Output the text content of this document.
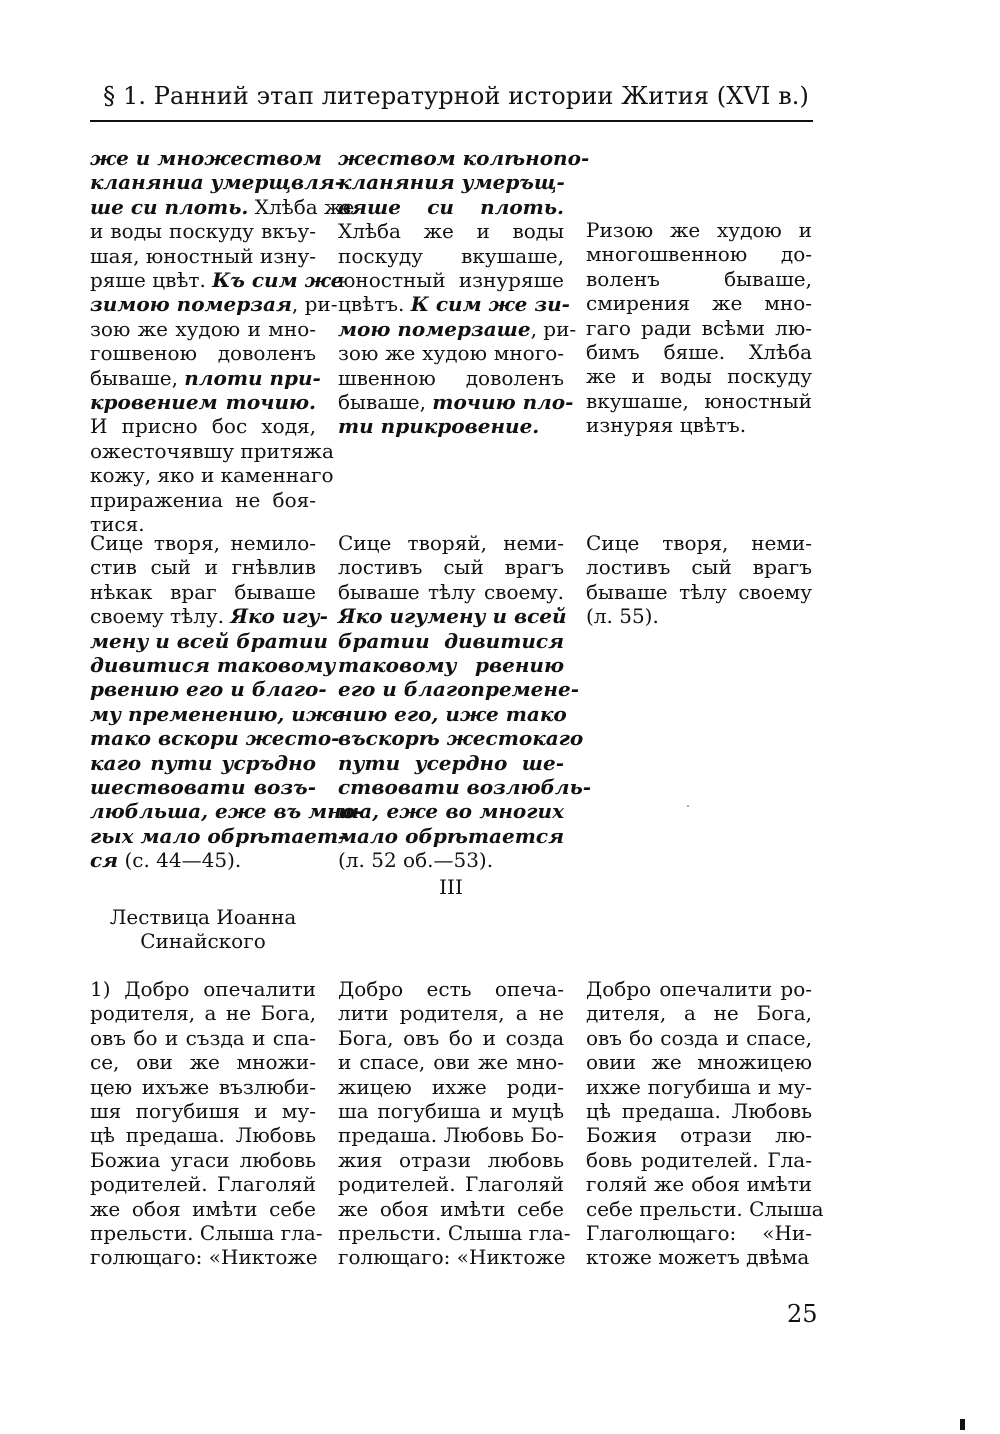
§ 1. Ранний этап литературной истории Жития (XVI в.)
же и множеством
кланяниа умерщвля-
ше си плоть. Хлѣба же
и воды поскуду вкъу-
шая, юностный изну-
ряше цвѣт. Къ сим же
зимою померзая, ри-
зою же худою и мно-
гошвеною доволенъ
бываше, плоти при-
кровением точию.
И присно бос ходя,
ожесточявшу притяжа
кожу, яко и каменнаго
приражениа не боя-
тися.
жеством колѣнопо-
кланяния умеръщ-
вяше си плоть.
Хлѣба же и воды
поскуду вкушаше,
юностный изнуряше
цвѣтъ. К сим же зи-
мою померзаше, ри-
зою же худою много-
швенною доволенъ
бываше, точию пло-
ти прикровение.
Ризою же худою и
многошвенною до-
воленъ бываше,
смирения же мно-
гаго ради всѣми лю-
бимъ бяше. Хлѣба
же и воды поскуду
вкушаше, юностный
изнуряя цвѣтъ.
Сице творя, немило-
стив сый и гнѣвлив
нѣкак враг бываше
своему тѣлу. Яко игу-
мену и всей братии
дивитися таковому
рвению его и благо-
му пременению, иже
тако вскори жесто-
каго пути усръдно
шествовати возъ-
любльша, еже въ мно-
гых мало обрѣтает-
ся (с. 44—45).
Сице творяй, неми-
лостивъ сый врагъ
бываше тѣлу своему.
Яко игумену и всей
братии дивитися
таковому рвению
его и благопремене-
нию его, иже тако
въскорѣ жестокаго
пути усердно ше-
ствовати возлюбль-
ша, еже во многих
мало обрѣтается
(л. 52 об.—53).
Сице творя, неми-
лостивъ сый врагъ
бываше тѣлу своему
(л. 55).
III
Лествица Иоанна
Синайского
1) Добро опечалити
родителя, а не Бога,
овъ бо и създа и спа-
се, ови же множи-
цею ихъже възлюби-
шя погубишя и му-
цѣ предаша. Любовь
Божиа угаси любовь
родителей. Глаголяй
же обоя имѣти себе
прельсти. Слыша гла-
голющаго: «Никтоже
Добро есть опеча-
лити родителя, а не
Бога, овъ бо и созда
и спасе, ови же мно-
жицею ихже роди-
ша погубиша и муцѣ
предаша. Любовь Бо-
жия отрази любовь
родителей. Глаголяй
же обоя имѣти себе
прельсти. Слыша гла-
голющаго: «Никтоже
Добро опечалити ро-
дителя, а не Бога,
овъ бо созда и спасе,
овии же множицею
ихже погубиша и му-
цѣ предаша. Любовь
Божия отрази лю-
бовь родителей. Гла-
голяй же обоя имѣти
себе прельсти. Слыша
Глаголющаго: «Ни-
ктоже можетъ двѣма
25
